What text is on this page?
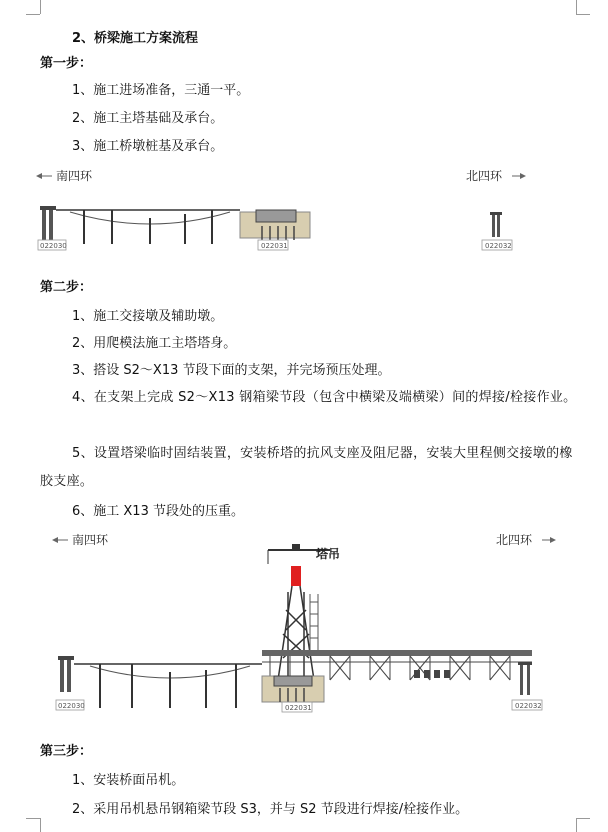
2、桥梁施工方案流程
第一步：
1、施工进场准备，三通一平。
2、施工主塔基础及承台。
3、施工桥墩桩基及承台。
南四环	北四环
022030	022031	022032
第二步：
1、施工交接墩及辅助墩。
2、用爬模法施工主塔塔身。
3、搭设 S2～X13 节段下面的支架，并完场预压处理。
4、在支架上完成 S2～X13 钢箱梁节段（包含中横梁及端横梁）间的焊接/栓接作业。
5、设置塔梁临时固结装置，安装桥塔的抗风支座及阻尼器，安装大里程侧交接墩的橡胶支座。
6、施工 X13 节段处的压重。
南四环	北四环
塔吊
022030	022031	022032
第三步：
1、安装桥面吊机。
2、采用吊机悬吊钢箱梁节段 S3，并与 S2 节段进行焊接/栓接作业。
